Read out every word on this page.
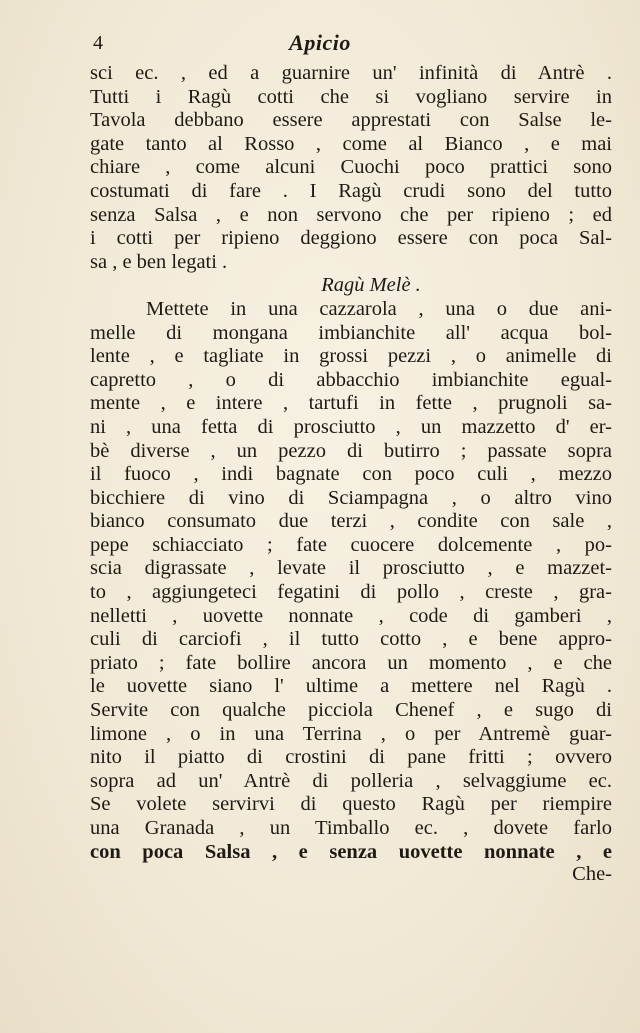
4	Apicio
sci ec. , ed a guarnire un' infinità di Antrè .
Tutti i Ragù cotti che si vogliano servire in
Tavola debbano essere apprestati con Salse le-
gate tanto al Rosso , come al Bianco , e mai
chiare , come alcuni Cuochi poco prattici sono
costumati di fare . I Ragù crudi sono del tutto
senza Salsa , e non servono che per ripieno ; ed
i cotti per ripieno deggiono essere con poca Sal-
sa , e ben legati .
Ragù Melè .
Mettete in una cazzarola , una o due ani-
melle di mongana imbianchite all' acqua bol-
lente , e tagliate in grossi pezzi , o animelle di
capretto , o di abbacchio imbianchite egual-
mente , e intere , tartufi in fette , prugnoli sa-
ni , una fetta di prosciutto , un mazzetto d' er-
bè diverse , un pezzo di butirro ; passate sopra
il fuoco , indi bagnate con poco culi , mezzo
bicchiere di vino di Sciampagna , o altro vino
bianco consumato due terzi , condite con sale ,
pepe schiacciato ; fate cuocere dolcemente , po-
scia digrassate , levate il prosciutto , e mazzet-
to , aggiungeteci fegatini di pollo , creste , gra-
nelletti , uovette nonnate , code di gamberi ,
culi di carciofi , il tutto cotto , e bene appro-
priato ; fate bollire ancora un momento , e che
le uovette siano l' ultime a mettere nel Ragù .
Servite con qualche picciola Chenef , e sugo di
limone , o in una Terrina , o per Antremè guar-
nito il piatto di crostini di pane fritti ; ovvero
sopra ad un' Antrè di polleria , selvaggiume ec.
Se volete servirvi di questo Ragù per riempire
una Granada , un Timballo ec. , dovete farlo
con poca Salsa , e senza uovette nonnate , e
Che-
